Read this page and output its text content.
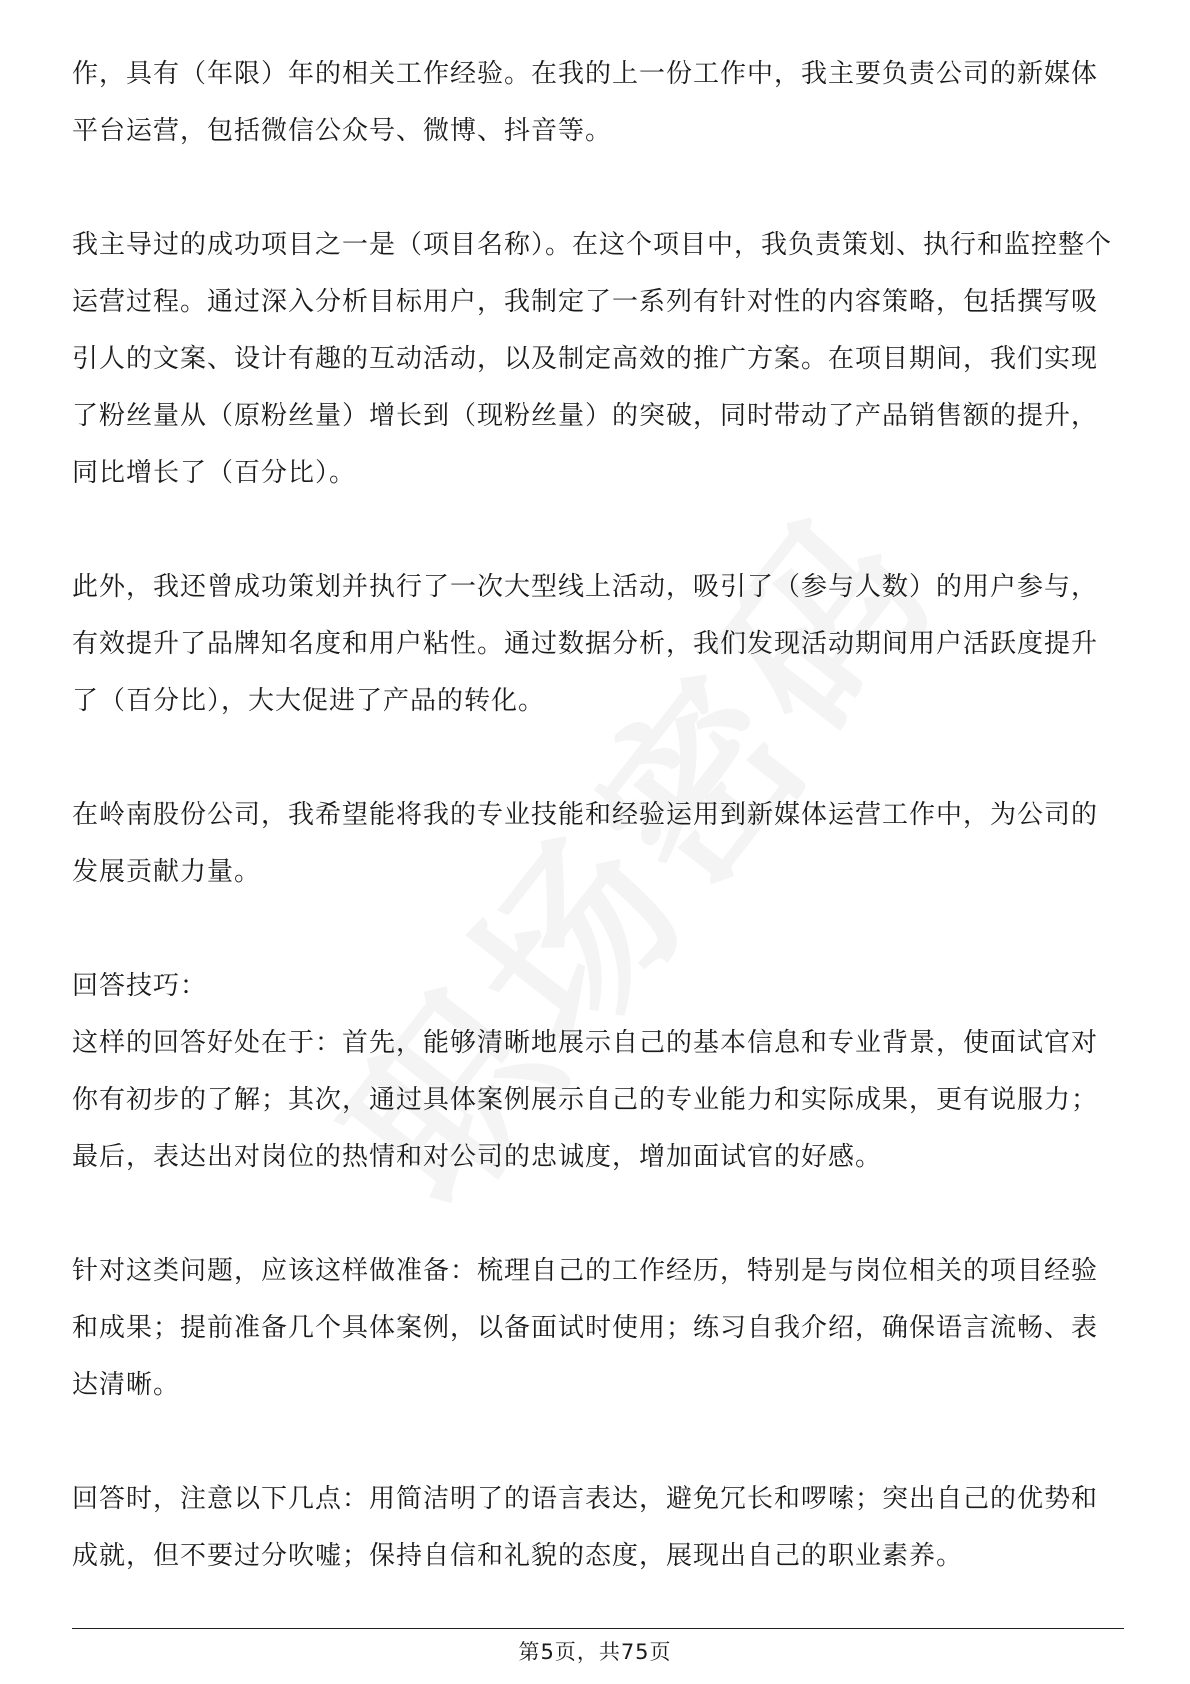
作，具有（年限）年的相关工作经验。在我的上一份工作中，我主要负责公司的新媒体平台运营，包括微信公众号、微博、抖音等。

我主导过的成功项目之一是（项目名称）。在这个项目中，我负责策划、执行和监控整个运营过程。通过深入分析目标用户，我制定了一系列有针对性的内容策略，包括撰写吸引人的文案、设计有趣的互动活动，以及制定高效的推广方案。在项目期间，我们实现了粉丝量从（原粉丝量）增长到（现粉丝量）的突破，同时带动了产品销售额的提升，同比增长了（百分比）。

此外，我还曾成功策划并执行了一次大型线上活动，吸引了（参与人数）的用户参与，有效提升了品牌知名度和用户粘性。通过数据分析，我们发现活动期间用户活跃度提升了（百分比），大大促进了产品的转化。

在岭南股份公司，我希望能将我的专业技能和经验运用到新媒体运营工作中，为公司的发展贡献力量。

回答技巧：

这样的回答好处在于：首先，能够清晰地展示自己的基本信息和专业背景，使面试官对你有初步的了解；其次，通过具体案例展示自己的专业能力和实际成果，更有说服力；最后，表达出对岗位的热情和对公司的忠诚度，增加面试官的好感。

针对这类问题，应该这样做准备：梳理自己的工作经历，特别是与岗位相关的项目经验和成果；提前准备几个具体案例，以备面试时使用；练习自我介绍，确保语言流畅、表达清晰。

回答时，注意以下几点：用简洁明了的语言表达，避免冗长和啰嗦；突出自己的优势和成就，但不要过分吹嘘；保持自信和礼貌的态度，展现出自己的职业素养。

第5页，共75页
